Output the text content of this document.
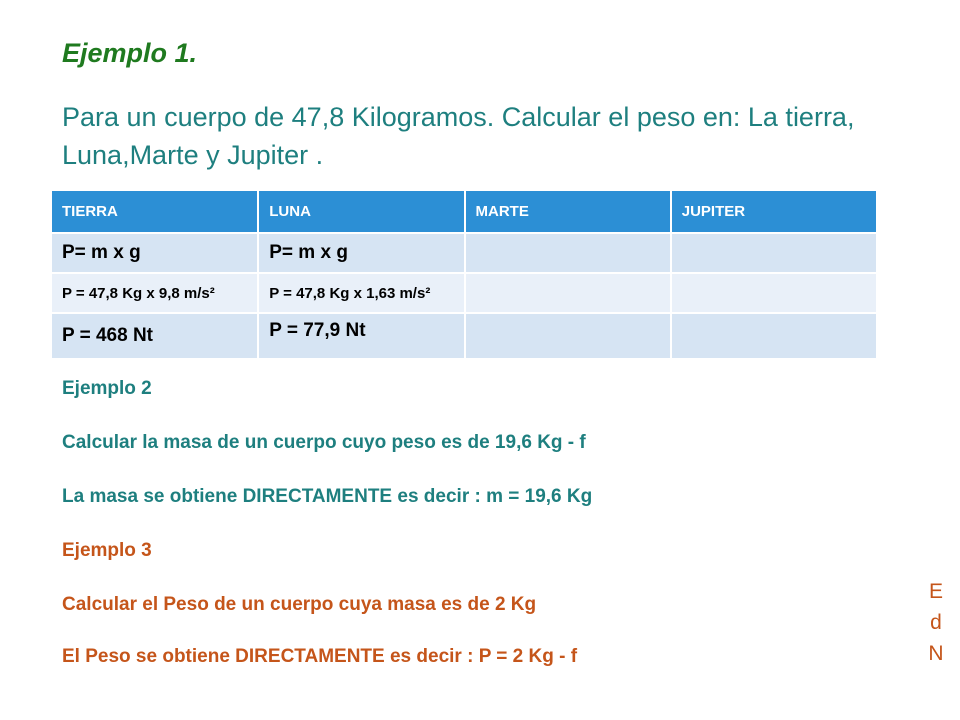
Ejemplo 1.
Para un cuerpo de 47,8 Kilogramos. Calcular el peso en: La tierra, Luna,Marte y Jupiter .
TIERRA	LUNA	MARTE	JUPITER
P= m x g	P= m x g		
P = 47,8 Kg x 9,8 m/s²	P = 47,8 Kg x 1,63 m/s²		
P = 468 Nt	P = 77,9 Nt		
Ejemplo 2
Calcular la masa de un cuerpo cuyo peso es de 19,6 Kg - f
La masa se obtiene DIRECTAMENTE es decir : m = 19,6 Kg
Ejemplo 3
Calcular el Peso de un cuerpo cuya masa es de 2 Kg
El Peso se obtiene DIRECTAMENTE es decir : P = 2 Kg - f
E
d
N
